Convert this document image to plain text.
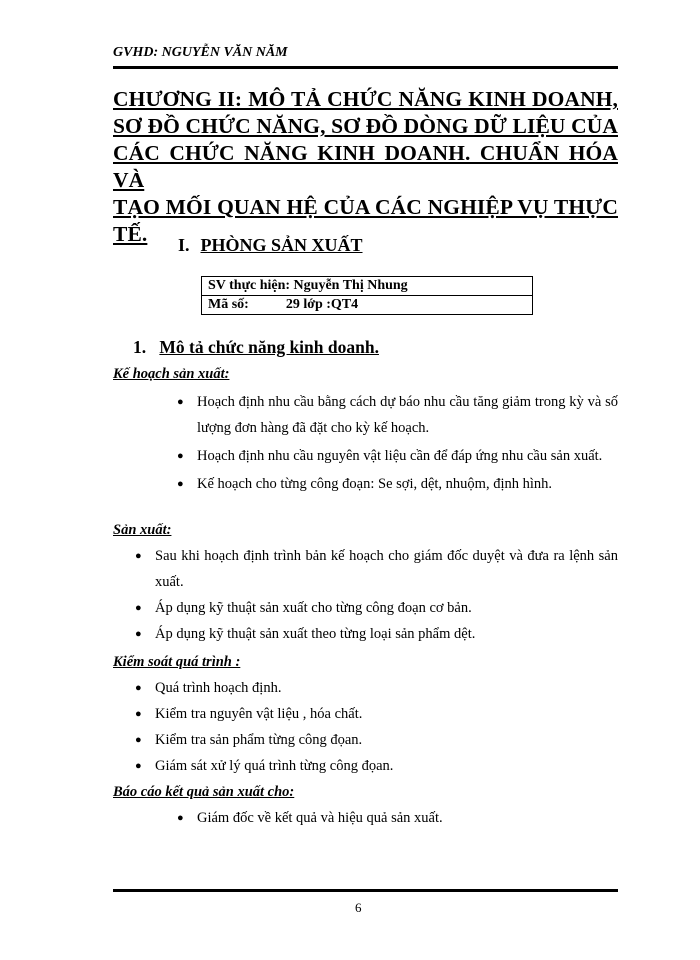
GVHD: NGUYỄN VĂN NĂM
CHƯƠNG II: MÔ TẢ CHỨC NĂNG KINH DOANH,
SƠ ĐỒ CHỨC NĂNG, SƠ ĐỒ DÒNG DỮ LIỆU CỦA
CÁC CHỨC NĂNG KINH DOANH. CHUẨN HÓA VÀ
TẠO MỐI QUAN HỆ CỦA CÁC NGHIỆP VỤ THỰC
TẾ.	I. PHÒNG SẢN XUẤT
SV thực hiện: Nguyễn Thị Nhung
Mã số:	29 lớp :QT4
1. Mô tả chức năng kinh doanh.
Kế hoạch sản xuất:
● Hoạch định nhu cầu bằng cách dự báo nhu cầu tăng giảm trong kỳ và số lượng đơn hàng đã đặt cho kỳ kế hoạch.
● Hoạch định nhu cầu nguyên vật liệu cần để đáp ứng nhu cầu sản xuất.
● Kế hoạch cho từng công đoạn: Se sợi, dệt, nhuộm, định hình.
Sản xuất:
● Sau khi hoạch định trình bản kế hoạch cho giám đốc duyệt và đưa ra lệnh sản xuất.
● Áp dụng kỹ thuật sản xuất cho từng công đoạn cơ bản.
● Áp dụng kỹ thuật sản xuất theo từng loại sản phẩm dệt.
Kiểm soát quá trình :
● Quá trình hoạch định.
● Kiểm tra nguyên vật liệu , hóa chất.
● Kiểm tra sản phẩm từng công đọan.
● Giám sát xử lý quá trình từng công đọan.
Báo cáo kết quả sản xuất cho:
● Giám đốc về kết quả và hiệu quả sản xuất.
6
